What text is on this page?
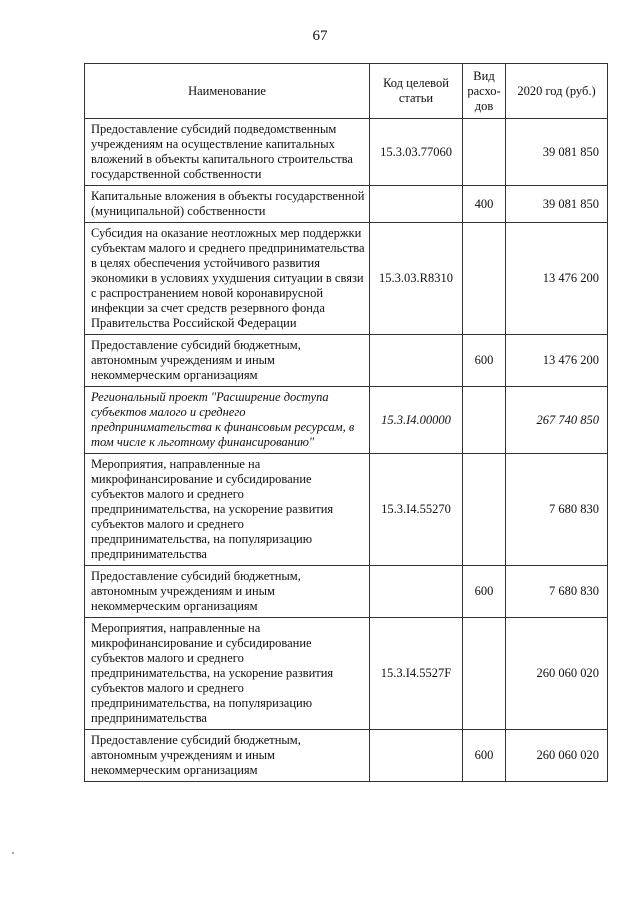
67
Наименование	Код целевой статьи	Вид расхо-дов	2020 год (руб.)
Предоставление субсидий подведомственным учреждениям на осуществление капитальных вложений в объекты капитального строительства государственной собственности	15.3.03.77060		39 081 850
Капитальные вложения в объекты государственной (муниципальной) собственности		400	39 081 850
Субсидия на оказание неотложных мер поддержки субъектам малого и среднего предпринимательства в целях обеспечения устойчивого развития экономики в условиях ухудшения ситуации в связи с распространением новой коронавирусной инфекции за счет средств резервного фонда Правительства Российской Федерации	15.3.03.R8310		13 476 200
Предоставление субсидий бюджетным, автономным учреждениям и иным некоммерческим организациям		600	13 476 200
Региональный проект "Расширение доступа субъектов малого и среднего предпринимательства к финансовым ресурсам, в том числе к льготному финансированию"	15.3.I4.00000		267 740 850
Мероприятия, направленные на микрофинансирование и субсидирование субъектов малого и среднего предпринимательства, на ускорение развития субъектов малого и среднего предпринимательства, на популяризацию предпринимательства	15.3.I4.55270		7 680 830
Предоставление субсидий бюджетным, автономным учреждениям и иным некоммерческим организациям		600	7 680 830
Мероприятия, направленные на микрофинансирование и субсидирование субъектов малого и среднего предпринимательства, на ускорение развития субъектов малого и среднего предпринимательства, на популяризацию предпринимательства	15.3.I4.5527F		260 060 020
Предоставление субсидий бюджетным, автономным учреждениям и иным некоммерческим организациям		600	260 060 020
